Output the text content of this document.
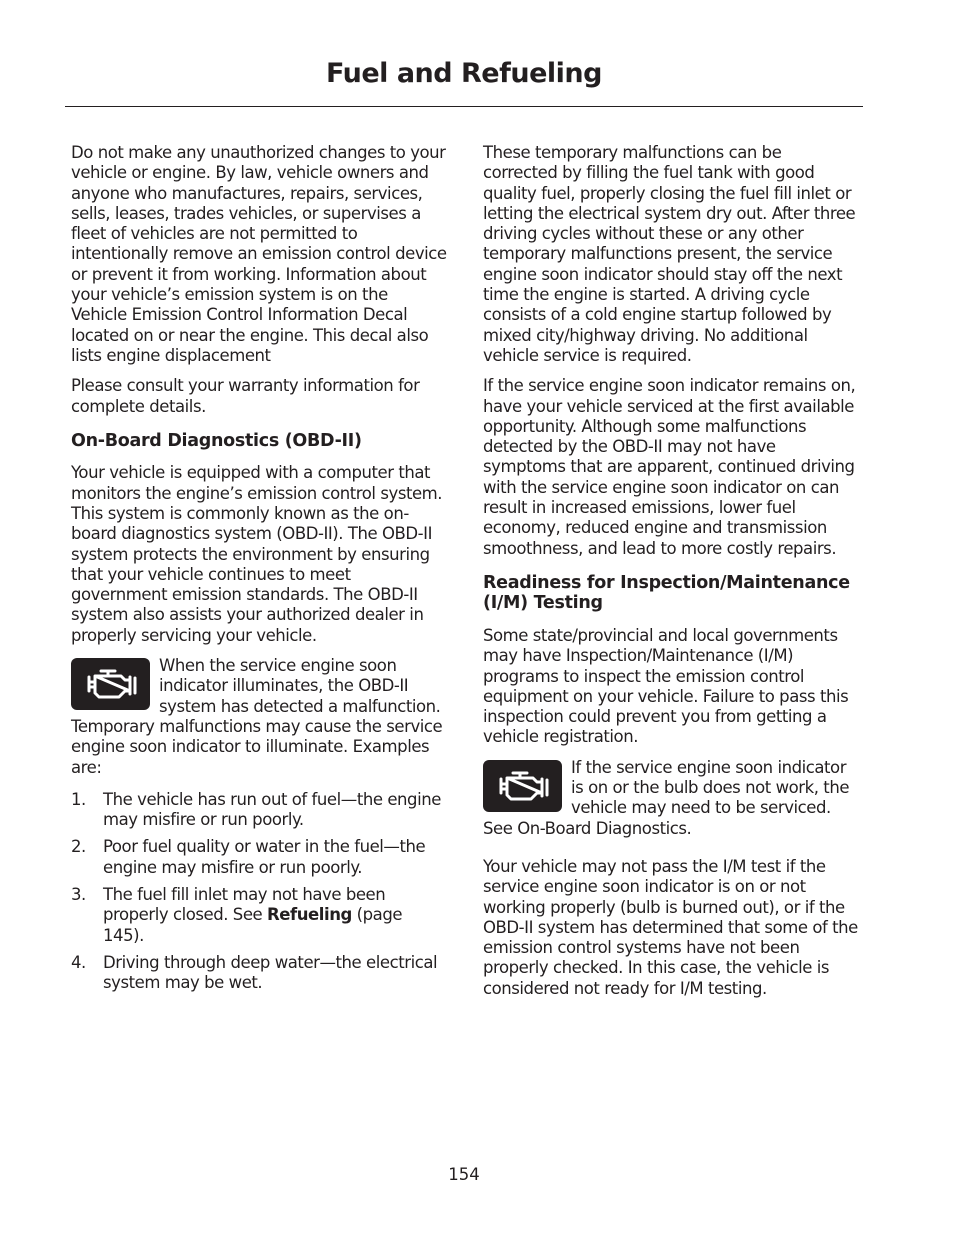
Fuel and Refueling

Do not make any unauthorized changes to your vehicle or engine. By law, vehicle owners and anyone who manufactures, repairs, services, sells, leases, trades vehicles, or supervises a fleet of vehicles are not permitted to intentionally remove an emission control device or prevent it from working. Information about your vehicle’s emission system is on the Vehicle Emission Control Information Decal located on or near the engine. This decal also lists engine displacement

Please consult your warranty information for complete details.

On-Board Diagnostics (OBD-II)

Your vehicle is equipped with a computer that monitors the engine’s emission control system. This system is commonly known as the on-board diagnostics system (OBD-II). The OBD-II system protects the environment by ensuring that your vehicle continues to meet government emission standards. The OBD-II system also assists your authorized dealer in properly servicing your vehicle.

When the service engine soon indicator illuminates, the OBD-II system has detected a malfunction. Temporary malfunctions may cause the service engine soon indicator to illuminate. Examples are:
1. The vehicle has run out of fuel—the engine may misfire or run poorly.
2. Poor fuel quality or water in the fuel—the engine may misfire or run poorly.
3. The fuel fill inlet may not have been properly closed. See Refueling (page 145).
4. Driving through deep water—the electrical system may be wet.

These temporary malfunctions can be corrected by filling the fuel tank with good quality fuel, properly closing the fuel fill inlet or letting the electrical system dry out. After three driving cycles without these or any other temporary malfunctions present, the service engine soon indicator should stay off the next time the engine is started. A driving cycle consists of a cold engine startup followed by mixed city/highway driving. No additional vehicle service is required.

If the service engine soon indicator remains on, have your vehicle serviced at the first available opportunity. Although some malfunctions detected by the OBD-II may not have symptoms that are apparent, continued driving with the service engine soon indicator on can result in increased emissions, lower fuel economy, reduced engine and transmission smoothness, and lead to more costly repairs.

Readiness for Inspection/Maintenance (I/M) Testing

Some state/provincial and local governments may have Inspection/Maintenance (I/M) programs to inspect the emission control equipment on your vehicle. Failure to pass this inspection could prevent you from getting a vehicle registration.

If the service engine soon indicator is on or the bulb does not work, the vehicle may need to be serviced. See On-Board Diagnostics.

Your vehicle may not pass the I/M test if the service engine soon indicator is on or not working properly (bulb is burned out), or if the OBD-II system has determined that some of the emission control systems have not been properly checked. In this case, the vehicle is considered not ready for I/M testing.

154
